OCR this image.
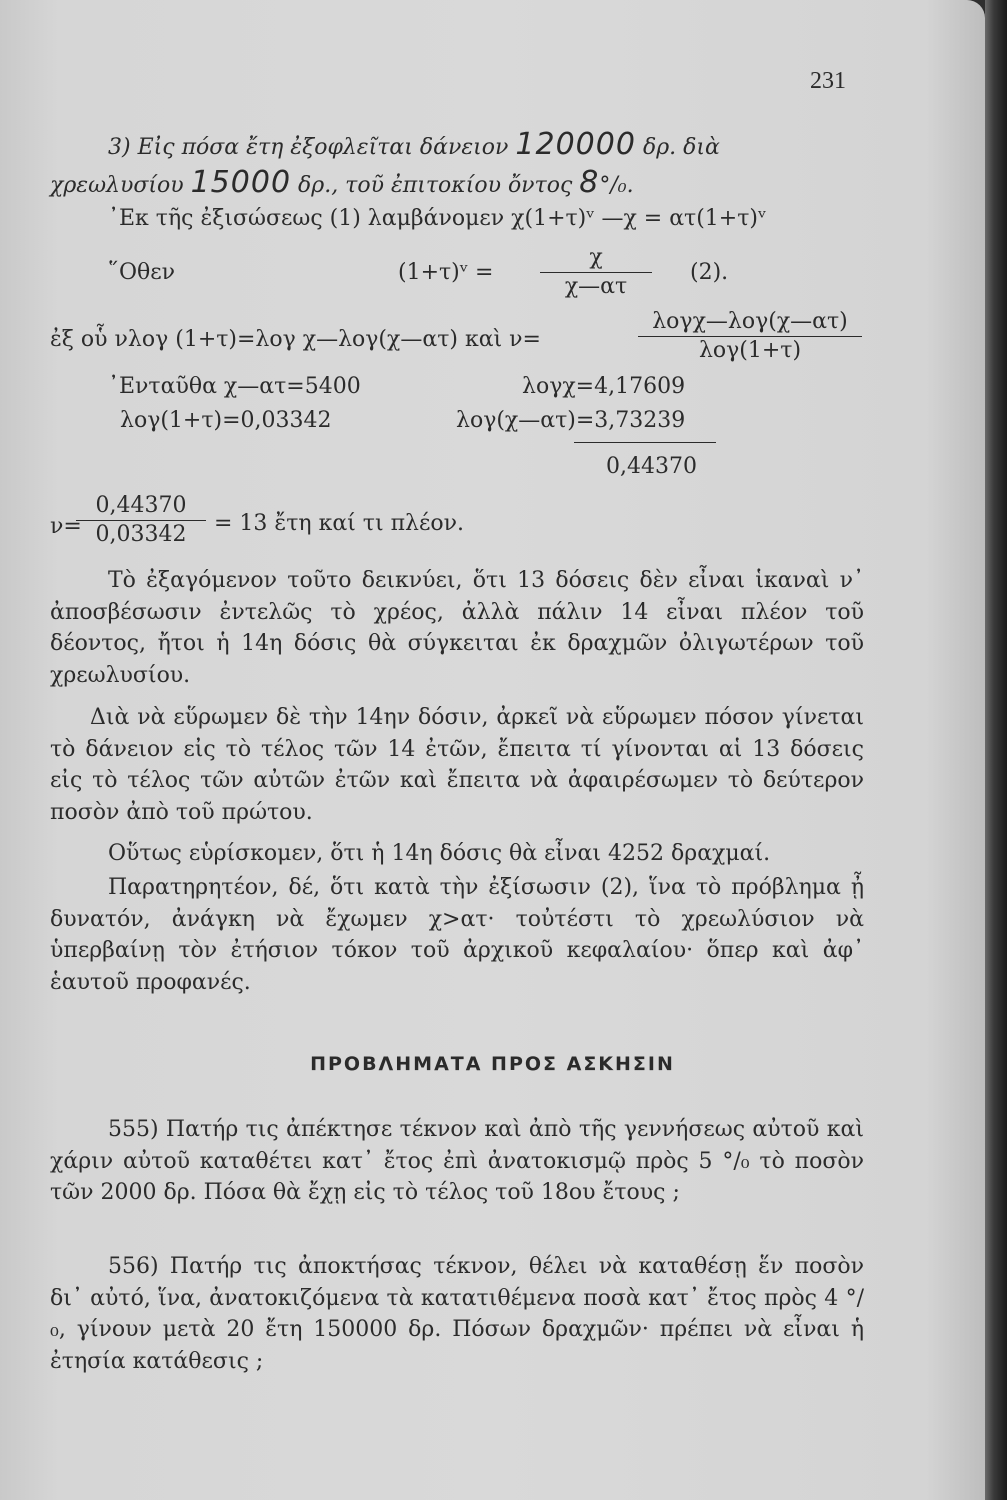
231
3) Εἰς πόσα ἔτη ἐξοφλεῖται δάνειον 120000 δρ. διὰ
χρεωλυσίου 15000 δρ., τοῦ ἐπιτοκίου ὄντος 8°/₀.
᾽Εκ τῆς ἐξισώσεως (1) λαμβάνομεν χ(1+τ)ᵛ —χ = ατ(1+τ)ᵛ
῞Οθεν	(1+τ)ᵛ = $\frac{\chi}{\chi—\alpha\tau} (2)$.
ἐξ οὗ νλογ (1+τ)=λογ χ—λογ(χ—ατ) καὶ ν=
λογχ—λογ(χ—ατ)
λογ(1+τ)
᾽Ενταῦθα χ—ατ=5400	λογχ=4,17609
λογ(1+τ)=0,03342	λογ(χ—ατ)=3,73239
0,44370
ν=
$\frac{0,44370}{0,03342} = 13$ ἔτη καί τι πλέον.
Τὸ ἐξαγόμενον τοῦτο δεικνύει, ὅτι 13 δόσεις δὲν εἶναι ἱκαναὶ ν᾽ ἀποσβέσωσιν ἐντελῶς τὸ χρέος, ἀλλὰ πάλιν 14 εἶναι πλέον τοῦ δέοντος, ἤτοι ἡ 14η δόσις θὰ σύγκειται ἐκ δραχμῶν ὀλιγωτέρων τοῦ χρεωλυσίου.
Διὰ νὰ εὕρωμεν δὲ τὴν 14ην δόσιν, ἀρκεῖ νὰ εὕρωμεν πόσον γίνεται τὸ δάνειον εἰς τὸ τέλος τῶν 14 ἐτῶν, ἔπειτα τί γίνονται αἱ 13 δόσεις εἰς τὸ τέλος τῶν αὐτῶν ἐτῶν καὶ ἔπειτα νὰ ἀφαιρέσωμεν τὸ δεύτερον ποσὸν ἀπὸ τοῦ πρώτου.
Οὕτως εὑρίσκομεν, ὅτι ἡ 14η δόσις θὰ εἶναι 4252 δραχμαί.
Παρατηρητέον, δέ, ὅτι κατὰ τὴν ἐξίσωσιν (2), ἵνα τὸ πρόβλημα ᾖ δυνατόν, ἀνάγκη νὰ ἔχωμεν χ>ατ· τοὐτέστι τὸ χρεωλύσιον νὰ ὑπερβαίνῃ τὸν ἐτήσιον τόκον τοῦ ἀρχικοῦ κεφαλαίου· ὅπερ καὶ ἀφ᾽ ἑαυτοῦ προφανές.
ΠΡΟΒΛΗΜΑΤΑ ΠΡΟΣ ΑΣΚΗΣΙΝ
555) Πατήρ τις ἀπέκτησε τέκνον καὶ ἀπὸ τῆς γεννήσεως αὐτοῦ καὶ χάριν αὐτοῦ καταθέτει κατ᾽ ἔτος ἐπὶ ἀνατοκισμῷ πρὸς 5 °/₀ τὸ ποσὸν τῶν 2000 δρ. Πόσα θὰ ἔχῃ εἰς τὸ τέλος τοῦ 18ου ἔτους ;
556) Πατήρ τις ἀποκτήσας τέκνον, θέλει νὰ καταθέσῃ ἕν ποσὸν δι᾽ αὐτό, ἵνα, ἀνατοκιζόμενα τὰ κατατιθέμενα ποσὰ κατ᾽ ἔτος πρὸς 4 °/₀, γίνουν μετὰ 20 ἔτη 150000 δρ. Πόσων δραχμῶν· πρέπει νὰ εἶναι ἡ ἐτησία κατάθεσις ;
